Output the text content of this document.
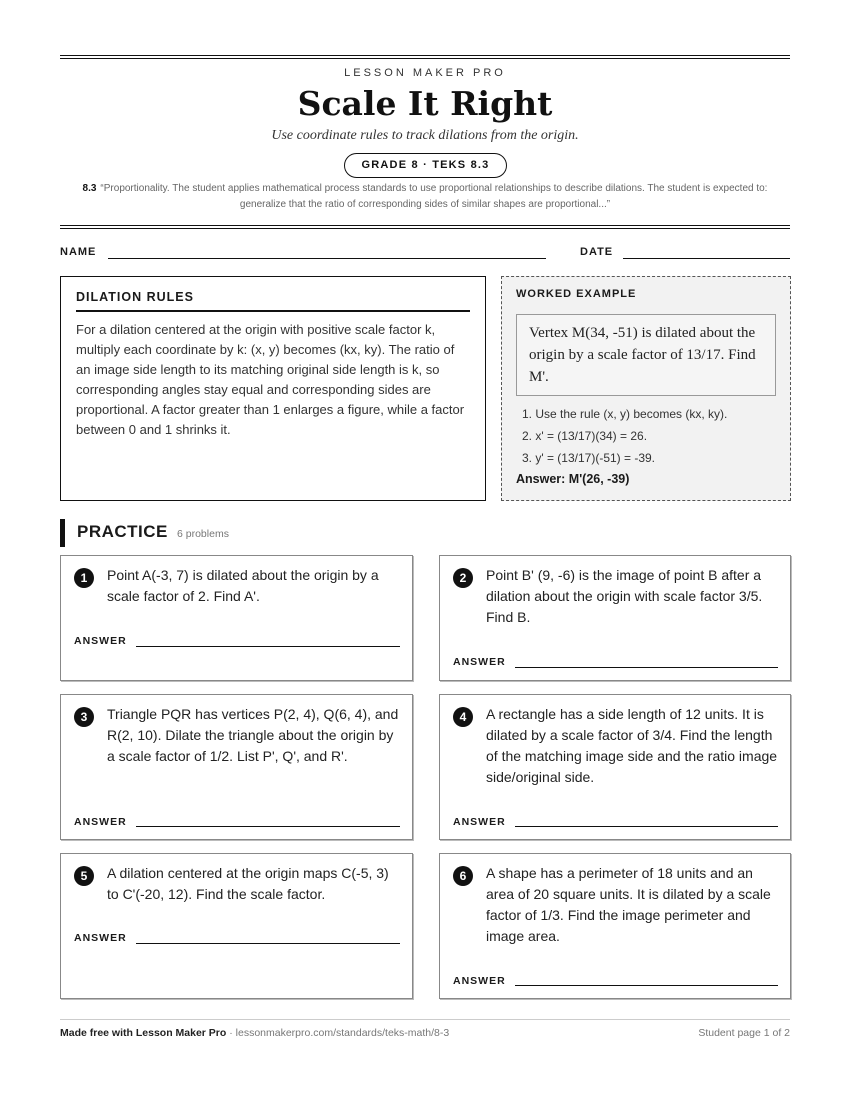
LESSON MAKER PRO
Scale It Right
Use coordinate rules to track dilations from the origin.
GRADE 8 · TEKS 8.3
8.3 “Proportionality. The student applies mathematical process standards to use proportional relationships to describe dilations. The student is expected to: generalize that the ratio of corresponding sides of similar shapes are proportional...”
NAME	DATE
DILATION RULES
For a dilation centered at the origin with positive scale factor k, multiply each coordinate by k: (x, y) becomes (kx, ky). The ratio of an image side length to its matching original side length is k, so corresponding angles stay equal and corresponding sides are proportional. A factor greater than 1 enlarges a figure, while a factor between 0 and 1 shrinks it.
WORKED EXAMPLE
Vertex M(34, -51) is dilated about the origin by a scale factor of 13/17. Find M'.
1. Use the rule (x, y) becomes (kx, ky).
2. x' = (13/17)(34) = 26.
3. y' = (13/17)(-51) = -39.
Answer: M'(26, -39)
PRACTICE 6 problems
1	Point A(-3, 7) is dilated about the origin by a scale factor of 2. Find A'.
ANSWER
2	Point B' (9, -6) is the image of point B after a dilation about the origin with scale factor 3/5. Find B.
ANSWER
3	Triangle PQR has vertices P(2, 4), Q(6, 4), and R(2, 10). Dilate the triangle about the origin by a scale factor of 1/2. List P', Q', and R'.
ANSWER
4	A rectangle has a side length of 12 units. It is dilated by a scale factor of 3/4. Find the length of the matching image side and the ratio image side/original side.
ANSWER
5	A dilation centered at the origin maps C(-5, 3) to C'(-20, 12). Find the scale factor.
ANSWER
6	A shape has a perimeter of 18 units and an area of 20 square units. It is dilated by a scale factor of 1/3. Find the image perimeter and image area.
ANSWER
Made free with Lesson Maker Pro · lessonmakerpro.com/standards/teks-math/8-3	Student page 1 of 2
